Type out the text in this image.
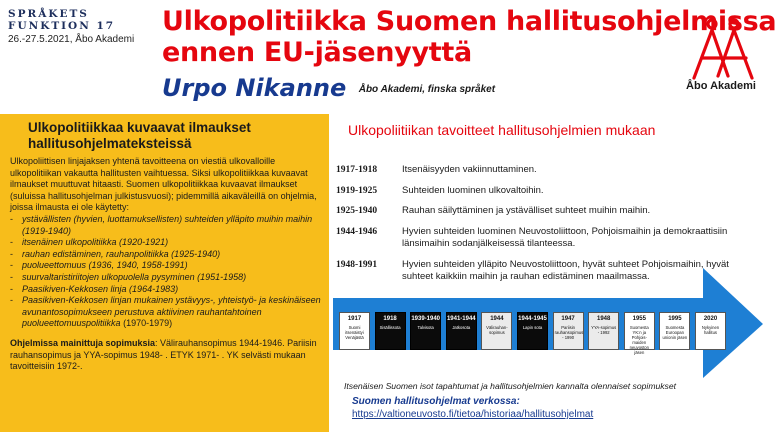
SPRÅKETS
FUNKTION 17
26.-27.5.2021, Åbo Akademi
Ulkopolitiikka Suomen hallitusohjelmissa
ennen EU-jäsenyyttä
Urpo Nikanne $^{Åbo Akademi, finska språket}$	Åbo Akademi
Ulkopolitiikkaa kuvaavat ilmaukset hallitusohjelmateksteissä

Ulkopoliittisen linjajaksen yhtenä tavoitteena on viestiä ulkovalloille ulkopolitiikan vakautta hallitusten vaihtuessa. Siksi ulkopolitiikkaa kuvaavat ilmaukset muuttuvat hitaasti. Suomen ulkopolitiikkaa kuvaavat ilmaukset (suluissa hallitusohjelman julkistusvuosi); pidemmillä aikaväleillä on ohjelmia, joissa ilmausta ei ole käytetty:

- ystävällisten (hyvien, luottamuksellisten) suhteiden ylläpito muihin maihin (1919-1940)
- itsenäinen ulkopolitiikka (1920-1921)
- rauhan edistäminen, rauhanpolitiikka (1925-1940)
- puolueettomuus (1936, 1940, 1958-1991)
- suurvaltaristiriitojen ulkopuolella pysyminen (1951-1958)
- Paasikiven-Kekkosen linja (1964-1983)
- Paasikiven-Kekkosen linjan mukainen ystävyys-, yhteistyö- ja keskinäiseen avunantosopimukseen perustuva aktiivinen rauhantahtoinen puolueettomuuspolitiikka (1970-1979)

Ohjelmissa mainittuja sopimuksia: Välirauhansopimus 1944-1946. Pariisin rauhansopimus ja YYA-sopimus 1948- . ETYK 1971- . YK selvästi mukaan tavoitteisiin 1972-.

Ulkopoliitiikan tavoitteet hallitusohjelmien mukaan
1917-1918	Itsenäisyyden vakiinnuttaminen.
1919-1925	Suhteiden luominen ulkovaltoihin.
1925-1940	Rauhan säilyttäminen ja ystävälliset suhteet muihin maihin.
1944-1946	Hyvien suhteiden luominen Neuvostoliittoon, Pohjoismaihin ja demokraattisiin länsimaihin sodanjälkeisessä tilanteessa.
1948-1991	Hyvien suhteiden ylläpito Neuvostoliittoon, hyvät suhteet Pohjoismaihin, hyvät suhteet kaikkiin maihin ja rauhan edistäminen maailmassa.
1917
Suomi itsenäistyi Venäjästä
1918
Sisällissota
1939-1940
Talvisota
1941-1944
Jatkosota
1944
Välirauhan-sopimus
1944-1945
Lapin sota
1947
Pariisin rauhansopimus - 1990
1948
YYA-sopimus - 1992
1955
Suomesta YK:n ja Pohjois-maiden neuvoston jäsen
1995
Suomesta Euroopan unionin jäsen
2020
Nykyinen hallitus
Itsenäisen Suomen isot tapahtumat ja hallitusohjelmien kannalta olennaiset sopimukset
Suomen hallitusohjelmat verkossa:
https://valtioneuvosto.fi/tietoa/historiaa/hallitusohjelmat
